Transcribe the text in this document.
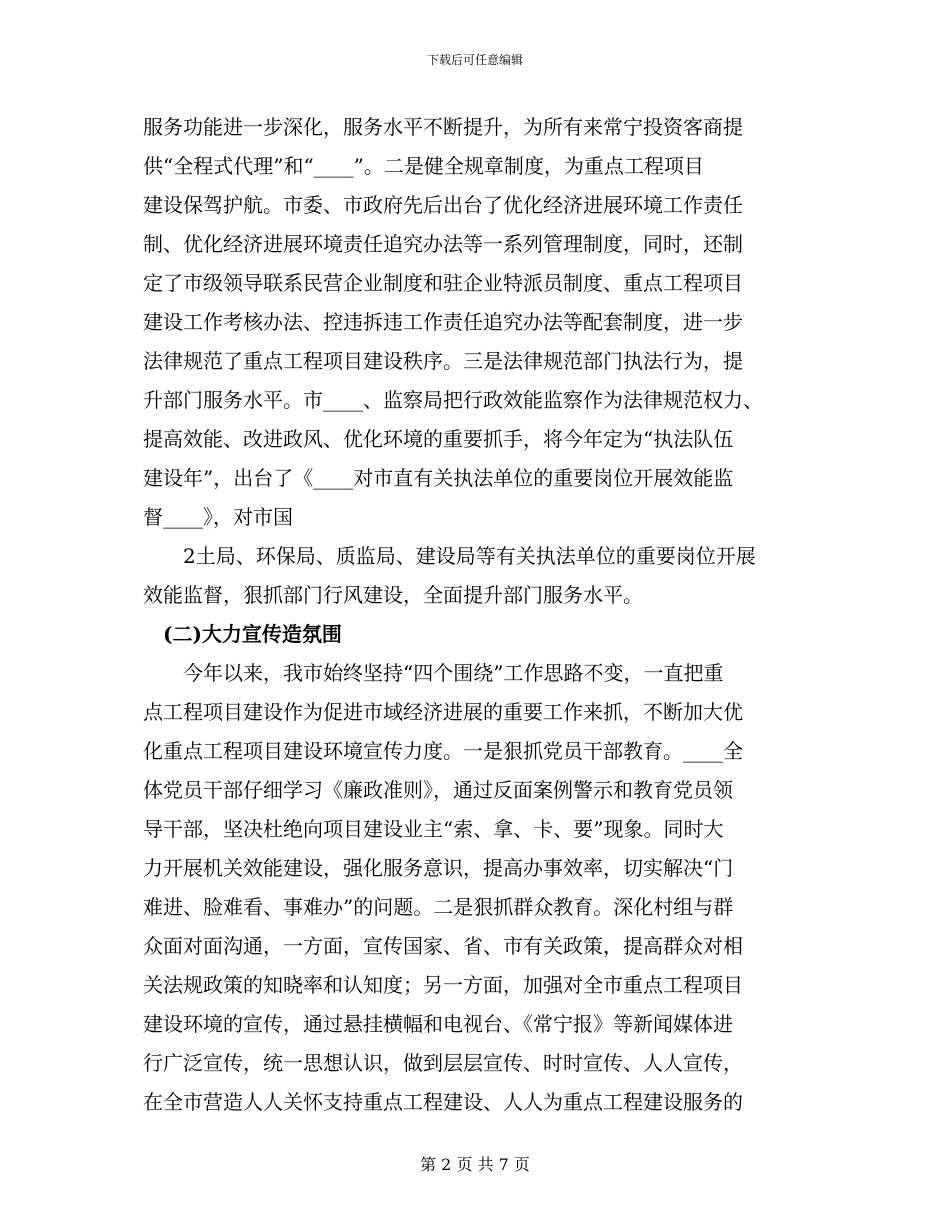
下载后可任意编辑
服务功能进一步深化，服务水平不断提升，为所有来常宁投资客商提
供“全程式代理”和“____”。二是健全规章制度，为重点工程项目
建设保驾护航。市委、市政府先后出台了优化经济进展环境工作责任
制、优化经济进展环境责任追究办法等一系列管理制度，同时，还制
定了市级领导联系民营企业制度和驻企业特派员制度、重点工程项目
建设工作考核办法、控违拆违工作责任追究办法等配套制度，进一步
法律规范了重点工程项目建设秩序。三是法律规范部门执法行为，提
升部门服务水平。市____、监察局把行政效能监察作为法律规范权力、
提高效能、改进政风、优化环境的重要抓手，将今年定为“执法队伍
建设年”，出台了《____对市直有关执法单位的重要岗位开展效能监
督____》，对市国
2土局、环保局、质监局、建设局等有关执法单位的重要岗位开展
效能监督，狠抓部门行风建设，全面提升部门服务水平。
(二)大力宣传造氛围
今年以来，我市始终坚持“四个围绕”工作思路不变，一直把重
点工程项目建设作为促进市域经济进展的重要工作来抓，不断加大优
化重点工程项目建设环境宣传力度。一是狠抓党员干部教育。____全
体党员干部仔细学习《廉政准则》，通过反面案例警示和教育党员领
导干部，坚决杜绝向项目建设业主“索、拿、卡、要”现象。同时大
力开展机关效能建设，强化服务意识，提高办事效率，切实解决“门
难进、脸难看、事难办”的问题。二是狠抓群众教育。深化村组与群
众面对面沟通，一方面，宣传国家、省、市有关政策，提高群众对相
关法规政策的知晓率和认知度；另一方面，加强对全市重点工程项目
建设环境的宣传，通过悬挂横幅和电视台、《常宁报》等新闻媒体进
行广泛宣传，统一思想认识，做到层层宣传、时时宣传、人人宣传，
在全市营造人人关怀支持重点工程建设、人人为重点工程建设服务的
第 2 页 共 7 页
